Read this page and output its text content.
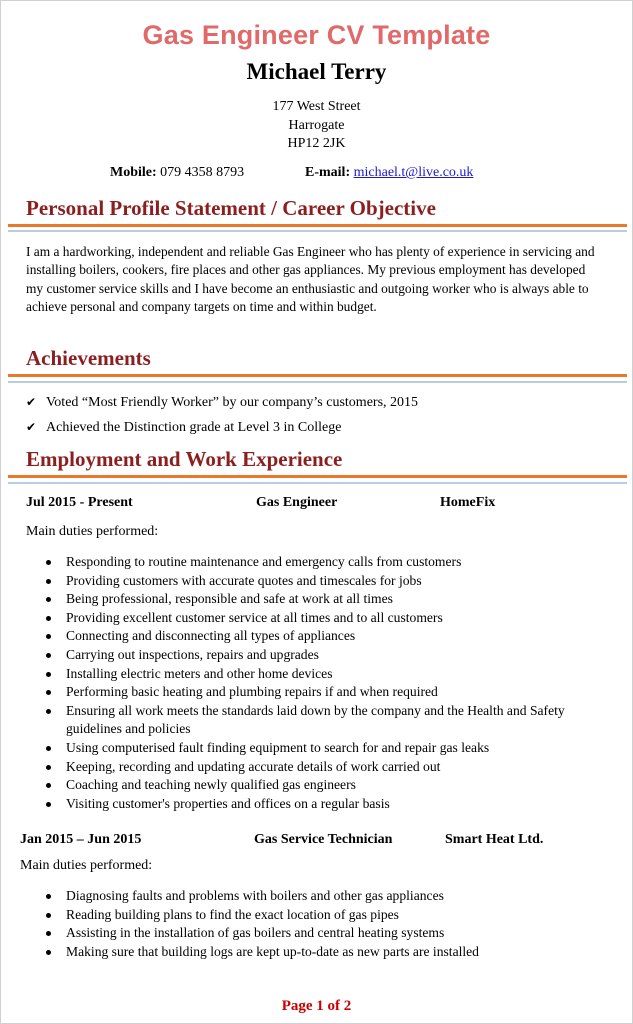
Gas Engineer CV Template
Michael Terry
177 West Street
Harrogate
HP12 2JK
Mobile: 079 4358 8793	E-mail: michael.t@live.co.uk
Personal Profile Statement / Career Objective
I am a hardworking, independent and reliable Gas Engineer who has plenty of experience in servicing and installing boilers, cookers, fire places and other gas appliances. My previous employment has developed my customer service skills and I have become an enthusiastic and outgoing worker who is always able to achieve personal and company targets on time and within budget.
Achievements
✔ Voted “Most Friendly Worker” by our company’s customers, 2015
✔ Achieved the Distinction grade at Level 3 in College
Employment and Work Experience
Jul 2015 - Present	Gas Engineer	HomeFix
Main duties performed:
Responding to routine maintenance and emergency calls from customers
Providing customers with accurate quotes and timescales for jobs
Being professional, responsible and safe at work at all times
Providing excellent customer service at all times and to all customers
Connecting and disconnecting all types of appliances
Carrying out inspections, repairs and upgrades
Installing electric meters and other home devices
Performing basic heating and plumbing repairs if and when required
Ensuring all work meets the standards laid down by the company and the Health and Safety guidelines and policies
Using computerised fault finding equipment to search for and repair gas leaks
Keeping, recording and updating accurate details of work carried out
Coaching and teaching newly qualified gas engineers
Visiting customer's properties and offices on a regular basis
Jan 2015 – Jun 2015	Gas Service Technician	Smart Heat Ltd.
Main duties performed:
Diagnosing faults and problems with boilers and other gas appliances
Reading building plans to find the exact location of gas pipes
Assisting in the installation of gas boilers and central heating systems
Making sure that building logs are kept up-to-date as new parts are installed
Page 1 of 2
